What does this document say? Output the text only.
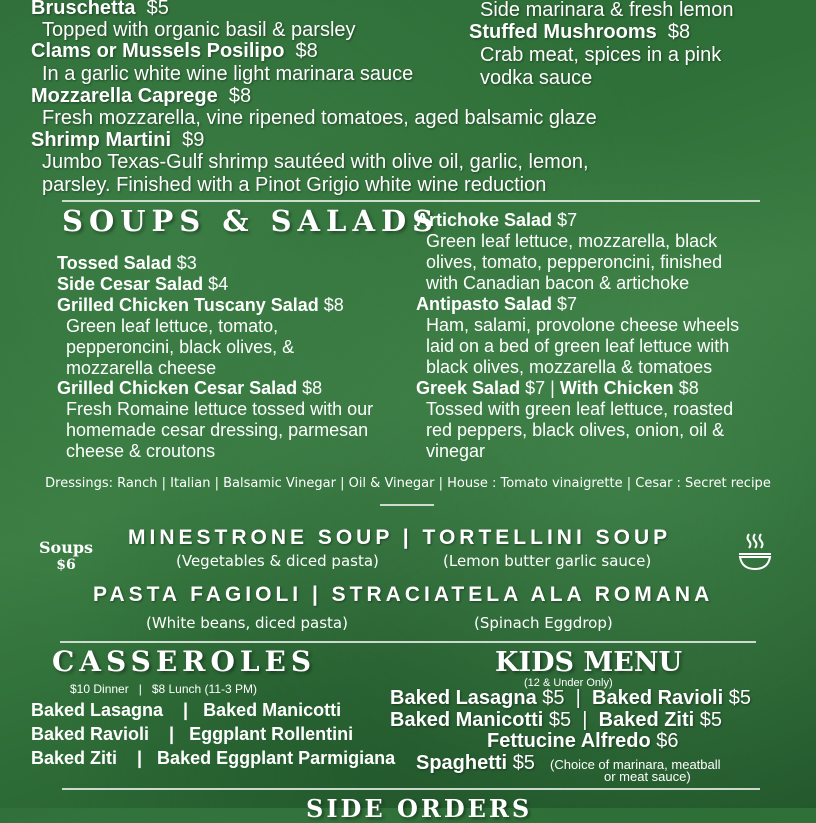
Bruschetta $5
Topped with organic basil & parsley
Clams or Mussels Posilipo $8
In a garlic white wine light marinara sauce
Mozzarella Caprege $8
Fresh mozzarella, vine ripened tomatoes, aged balsamic glaze
Shrimp Martini $9
Jumbo Texas-Gulf shrimp sautéed with olive oil, garlic, lemon,
parsley. Finished with a Pinot Grigio white wine reduction
Side marinara & fresh lemon
Stuffed Mushrooms $8
Crab meat, spices in a pink
vodka sauce
SOUPS & SALADS
Tossed Salad $3
Side Cesar Salad $4
Grilled Chicken Tuscany Salad $8
Green leaf lettuce, tomato,
pepperoncini, black olives, &
mozzarella cheese
Grilled Chicken Cesar Salad $8
Fresh Romaine lettuce tossed with our
homemade cesar dressing, parmesan
cheese & croutons
Artichoke Salad $7
Green leaf lettuce, mozzarella, black
olives, tomato, pepperoncini, finished
with Canadian bacon & artichoke
Antipasto Salad $7
Ham, salami, provolone cheese wheels
laid on a bed of green leaf lettuce with
black olives, mozzarella & tomatoes
Greek Salad $7 | With Chicken $8
Tossed with green leaf lettuce, roasted
red peppers, black olives, onion, oil &
vinegar
Dressings: Ranch | Italian | Balsamic Vinegar | Oil & Vinegar | House : Tomato vinaigrette | Cesar : Secret recipe
Soups
$6
MINESTRONE SOUP | TORTELLINI SOUP
(Vegetables & diced pasta)	(Lemon butter garlic sauce)
PASTA FAGIOLI | STRACIATELA ALA ROMANA
(White beans, diced pasta)	(Spinach Eggdrop)
CASSEROLES
$10 Dinner   |   $8 Lunch (11-3 PM)
Baked Lasagna    |   Baked Manicotti
Baked Ravioli    |   Eggplant Rollentini
Baked Ziti    |   Baked Eggplant Parmigiana
KIDS MENU
(12 & Under Only)
Baked Lasagna $5 | Baked Ravioli $5
Baked Manicotti $5 | Baked Ziti $5
Fettucine Alfredo $6
Spaghetti $5 (Choice of marinara, meatball
or meat sauce)
SIDE ORDERS
